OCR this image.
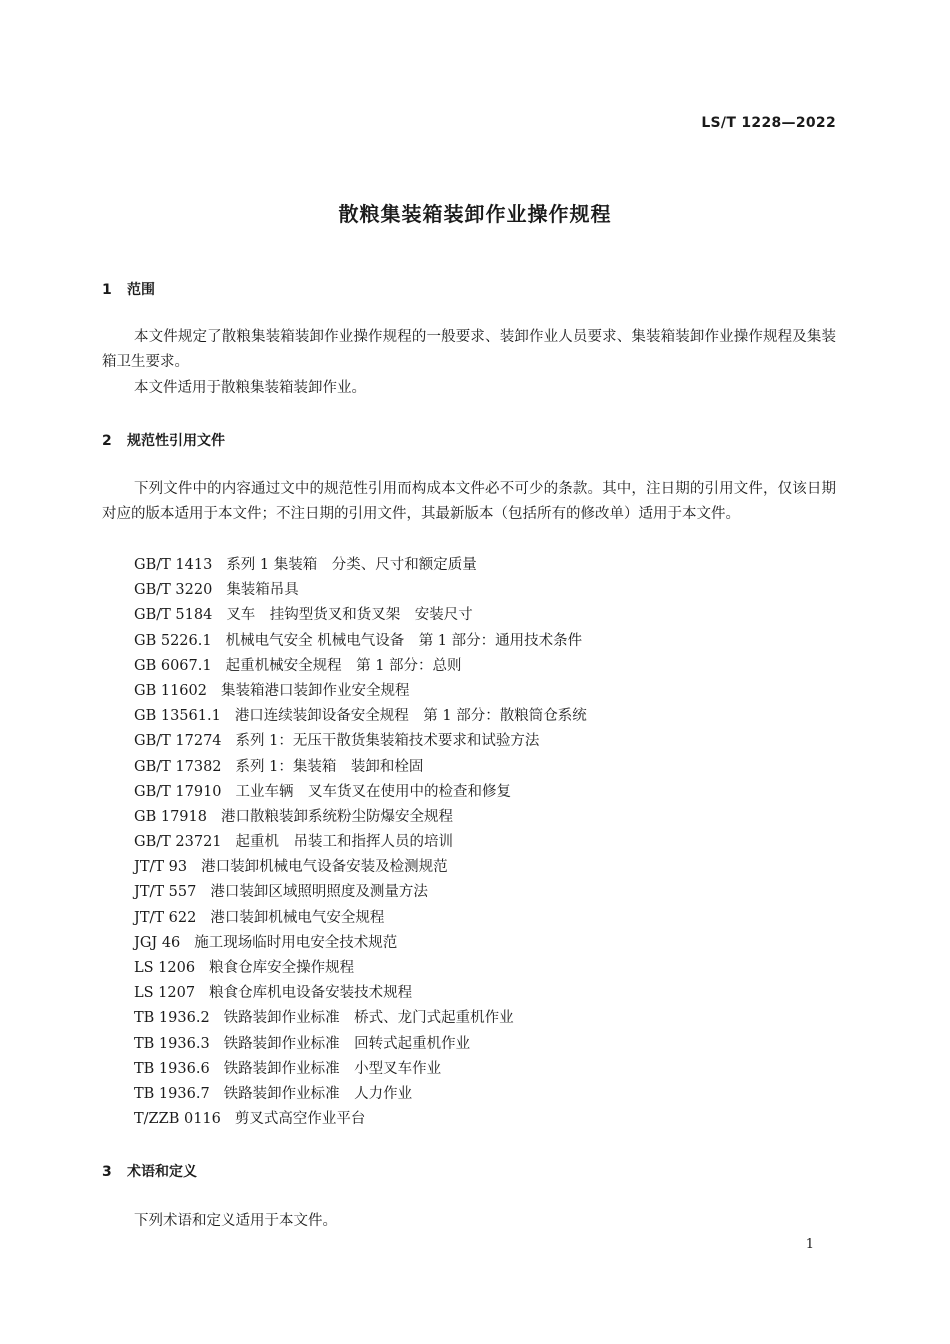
LS/T 1228—2022
散粮集装箱装卸作业操作规程
1 范围

本文件规定了散粮集装箱装卸作业操作规程的一般要求、装卸作业人员要求、集装箱装卸作业操作规程及集装箱卫生要求。

本文件适用于散粮集装箱装卸作业。

2 规范性引用文件

下列文件中的内容通过文中的规范性引用而构成本文件必不可少的条款。其中，注日期的引用文件，仅该日期对应的版本适用于本文件；不注日期的引用文件，其最新版本（包括所有的修改单）适用于本文件。

GB/T 1413 系列 1 集装箱　分类、尺寸和额定质量
GB/T 3220 集装箱吊具
GB/T 5184 叉车　挂钩型货叉和货叉架　安装尺寸
GB 5226.1 机械电气安全 机械电气设备　第 1 部分：通用技术条件
GB 6067.1 起重机械安全规程　第 1 部分：总则
GB 11602 集装箱港口装卸作业安全规程
GB 13561.1 港口连续装卸设备安全规程　第 1 部分：散粮筒仓系统
GB/T 17274 系列 1：无压干散货集装箱技术要求和试验方法
GB/T 17382 系列 1：集装箱　装卸和栓固
GB/T 17910 工业车辆　叉车货叉在使用中的检查和修复
GB 17918 港口散粮装卸系统粉尘防爆安全规程
GB/T 23721 起重机　吊装工和指挥人员的培训
JT/T 93 港口装卸机械电气设备安装及检测规范
JT/T 557 港口装卸区域照明照度及测量方法
JT/T 622 港口装卸机械电气安全规程
JGJ 46 施工现场临时用电安全技术规范
LS 1206 粮食仓库安全操作规程
LS 1207 粮食仓库机电设备安装技术规程
TB 1936.2 铁路装卸作业标准　桥式、龙门式起重机作业
TB 1936.3 铁路装卸作业标准　回转式起重机作业
TB 1936.6 铁路装卸作业标准　小型叉车作业
TB 1936.7 铁路装卸作业标准　人力作业
T/ZZB 0116 剪叉式高空作业平台
3 术语和定义

下列术语和定义适用于本文件。

1
